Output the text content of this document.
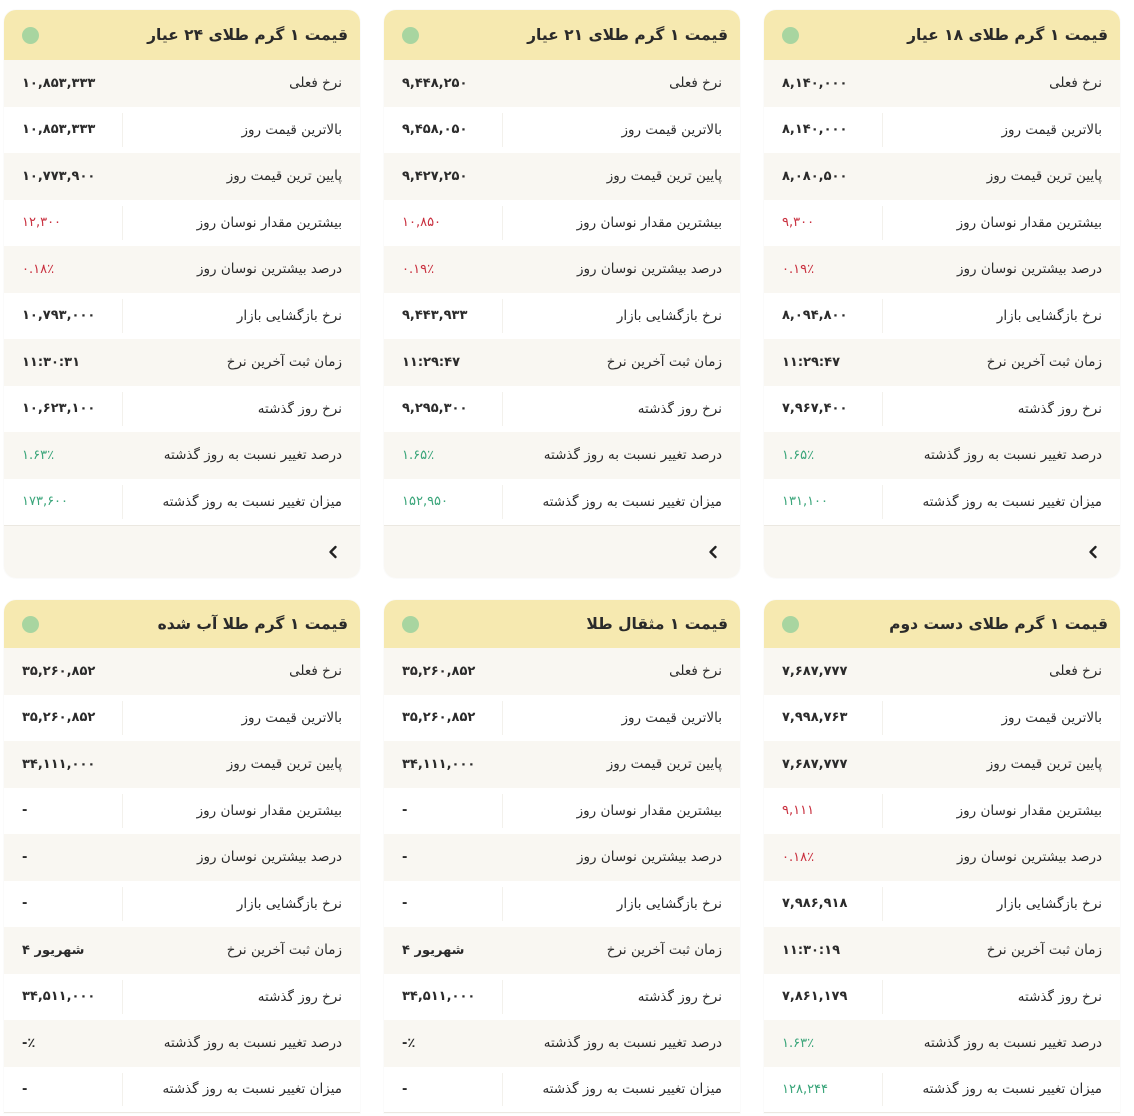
قیمت ۱ گرم طلای ۱۸ عیار
نرخ فعلی
۸,۱۴۰,۰۰۰
بالاترین قیمت روز
۸,۱۴۰,۰۰۰
پایین ترین قیمت روز
۸,۰۸۰,۵۰۰
بیشترین مقدار نوسان روز
۹,۳۰۰
درصد بیشترین نوسان روز
۰.۱۹٪
نرخ بازگشایی بازار
۸,۰۹۴,۸۰۰
زمان ثبت آخرین نرخ
۱۱:۲۹:۴۷
نرخ روز گذشته
۷,۹۶۷,۴۰۰
درصد تغییر نسبت به روز گذشته
۱.۶۵٪
میزان تغییر نسبت به روز گذشته
۱۳۱,۱۰۰
قیمت ۱ گرم طلای ۲۱ عیار
نرخ فعلی
۹,۴۴۸,۲۵۰
بالاترین قیمت روز
۹,۴۵۸,۰۵۰
پایین ترین قیمت روز
۹,۴۲۷,۲۵۰
بیشترین مقدار نوسان روز
۱۰,۸۵۰
درصد بیشترین نوسان روز
۰.۱۹٪
نرخ بازگشایی بازار
۹,۴۴۳,۹۳۳
زمان ثبت آخرین نرخ
۱۱:۲۹:۴۷
نرخ روز گذشته
۹,۲۹۵,۳۰۰
درصد تغییر نسبت به روز گذشته
۱.۶۵٪
میزان تغییر نسبت به روز گذشته
۱۵۲,۹۵۰
قیمت ۱ گرم طلای ۲۴ عیار
نرخ فعلی
۱۰,۸۵۳,۳۳۳
بالاترین قیمت روز
۱۰,۸۵۳,۳۳۳
پایین ترین قیمت روز
۱۰,۷۷۳,۹۰۰
بیشترین مقدار نوسان روز
۱۲,۳۰۰
درصد بیشترین نوسان روز
۰.۱۸٪
نرخ بازگشایی بازار
۱۰,۷۹۳,۰۰۰
زمان ثبت آخرین نرخ
۱۱:۳۰:۳۱
نرخ روز گذشته
۱۰,۶۲۳,۱۰۰
درصد تغییر نسبت به روز گذشته
۱.۶۳٪
میزان تغییر نسبت به روز گذشته
۱۷۳,۶۰۰
قیمت ۱ گرم طلای دست دوم
نرخ فعلی
۷,۶۸۷,۷۷۷
بالاترین قیمت روز
۷,۹۹۸,۷۶۳
پایین ترین قیمت روز
۷,۶۸۷,۷۷۷
بیشترین مقدار نوسان روز
۹,۱۱۱
درصد بیشترین نوسان روز
۰.۱۸٪
نرخ بازگشایی بازار
۷,۹۸۶,۹۱۸
زمان ثبت آخرین نرخ
۱۱:۳۰:۱۹
نرخ روز گذشته
۷,۸۶۱,۱۷۹
درصد تغییر نسبت به روز گذشته
۱.۶۳٪
میزان تغییر نسبت به روز گذشته
۱۲۸,۲۴۴
قیمت ۱ مثقال طلا
نرخ فعلی
۳۵,۲۶۰,۸۵۲
بالاترین قیمت روز
۳۵,۲۶۰,۸۵۲
پایین ترین قیمت روز
۳۴,۱۱۱,۰۰۰
بیشترین مقدار نوسان روز
-
درصد بیشترین نوسان روز
-
نرخ بازگشایی بازار
-
زمان ثبت آخرین نرخ
۴ شهریور
نرخ روز گذشته
۳۴,۵۱۱,۰۰۰
درصد تغییر نسبت به روز گذشته
-٪
میزان تغییر نسبت به روز گذشته
-
قیمت ۱ گرم طلا آب شده
نرخ فعلی
۳۵,۲۶۰,۸۵۲
بالاترین قیمت روز
۳۵,۲۶۰,۸۵۲
پایین ترین قیمت روز
۳۴,۱۱۱,۰۰۰
بیشترین مقدار نوسان روز
-
درصد بیشترین نوسان روز
-
نرخ بازگشایی بازار
-
زمان ثبت آخرین نرخ
۴ شهریور
نرخ روز گذشته
۳۴,۵۱۱,۰۰۰
درصد تغییر نسبت به روز گذشته
-٪
میزان تغییر نسبت به روز گذشته
-
